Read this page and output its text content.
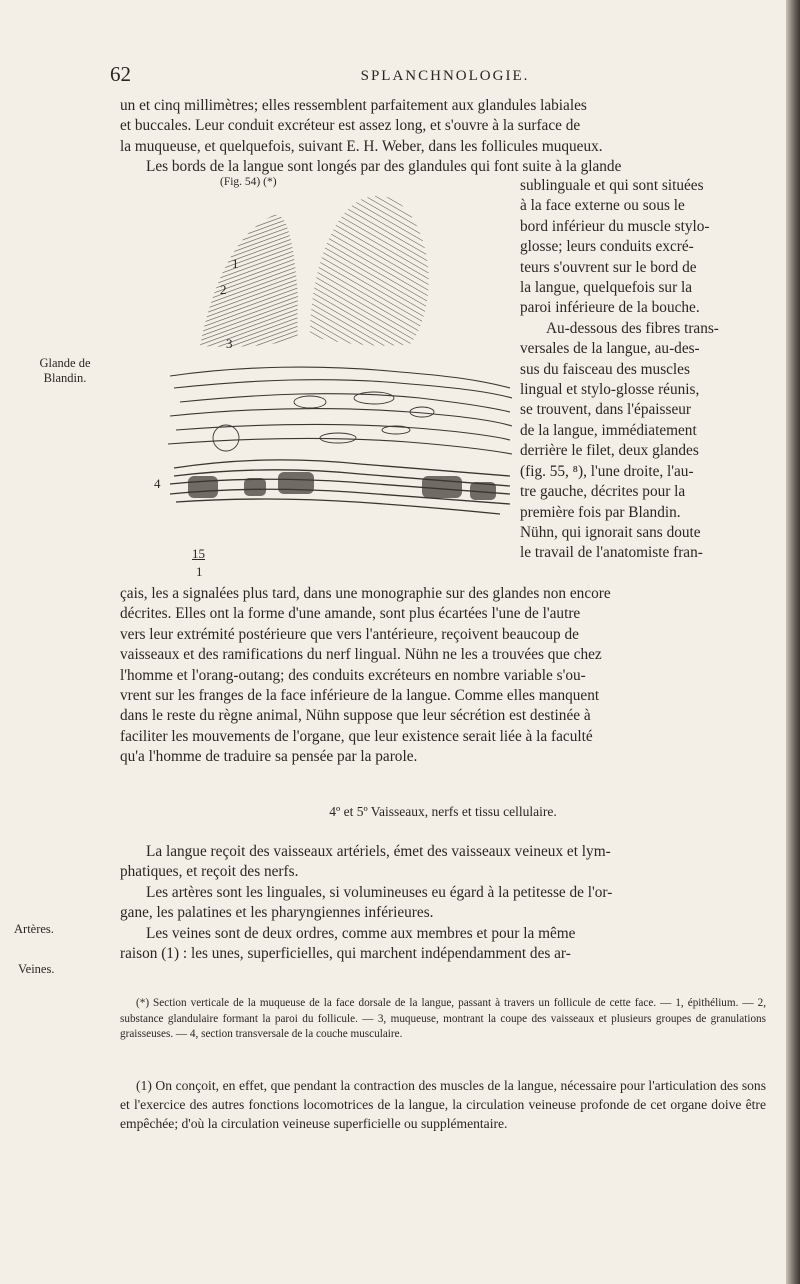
62	SPLANCHNOLOGIE.

un et cinq millimètres; elles ressemblent parfaitement aux glandules labiales

et buccales. Leur conduit excréteur est assez long, et s'ouvre à la surface de

la muqueuse, et quelquefois, suivant E. H. Weber, dans les follicules muqueux.

Les bords de la langue sont longés par des glandules qui font suite à la glande

sublinguale et qui sont situées

à la face externe ou sous le

bord inférieur du muscle stylo-

glosse; leurs conduits excré-

teurs s'ouvrent sur le bord de

la langue, quelquefois sur la

paroi inférieure de la bouche.

Au-dessous des fibres trans-

versales de la langue, au-des-

sus du faisceau des muscles

lingual et stylo-glosse réunis,

se trouvent, dans l'épaisseur

de la langue, immédiatement

derrière le filet, deux glandes

(fig. 55, ⁸), l'une droite, l'au-

tre gauche, décrites pour la

première fois par Blandin.

Nühn, qui ignorait sans doute

le travail de l'anatomiste fran-

(Fig. 54) (*)
1
2
3
4
15
1
Glande de Blandin.

çais, les a signalées plus tard, dans une monographie sur des glandes non encore

décrites. Elles ont la forme d'une amande, sont plus écartées l'une de l'autre

vers leur extrémité postérieure que vers l'antérieure, reçoivent beaucoup de

vaisseaux et des ramifications du nerf lingual. Nühn ne les a trouvées que chez

l'homme et l'orang-outang; des conduits excréteurs en nombre variable s'ou-

vrent sur les franges de la face inférieure de la langue. Comme elles manquent

dans le reste du règne animal, Nühn suppose que leur sécrétion est destinée à

faciliter les mouvements de l'organe, que leur existence serait liée à la faculté

qu'a l'homme de traduire sa pensée par la parole.

4º et 5º Vaisseaux, nerfs et tissu cellulaire.

La langue reçoit des vaisseaux artériels, émet des vaisseaux veineux et lym-

phatiques, et reçoit des nerfs.

Les artères sont les linguales, si volumineuses eu égard à la petitesse de l'or-

gane, les palatines et les pharyngiennes inférieures.

Les veines sont de deux ordres, comme aux membres et pour la même

raison (1) : les unes, superficielles, qui marchent indépendamment des ar-

Artères.
Veines.

(*) Section verticale de la muqueuse de la face dorsale de la langue, passant à travers un follicule de cette face. — 1, épithélium. — 2, substance glandulaire formant la paroi du follicule. — 3, muqueuse, montrant la coupe des vaisseaux et plusieurs groupes de granulations graisseuses. — 4, section transversale de la couche musculaire.

(1) On conçoit, en effet, que pendant la contraction des muscles de la langue, nécessaire pour l'articulation des sons et l'exercice des autres fonctions locomotrices de la langue, la circulation veineuse profonde de cet organe doive être empêchée; d'où la circulation veineuse superficielle ou supplémentaire.
